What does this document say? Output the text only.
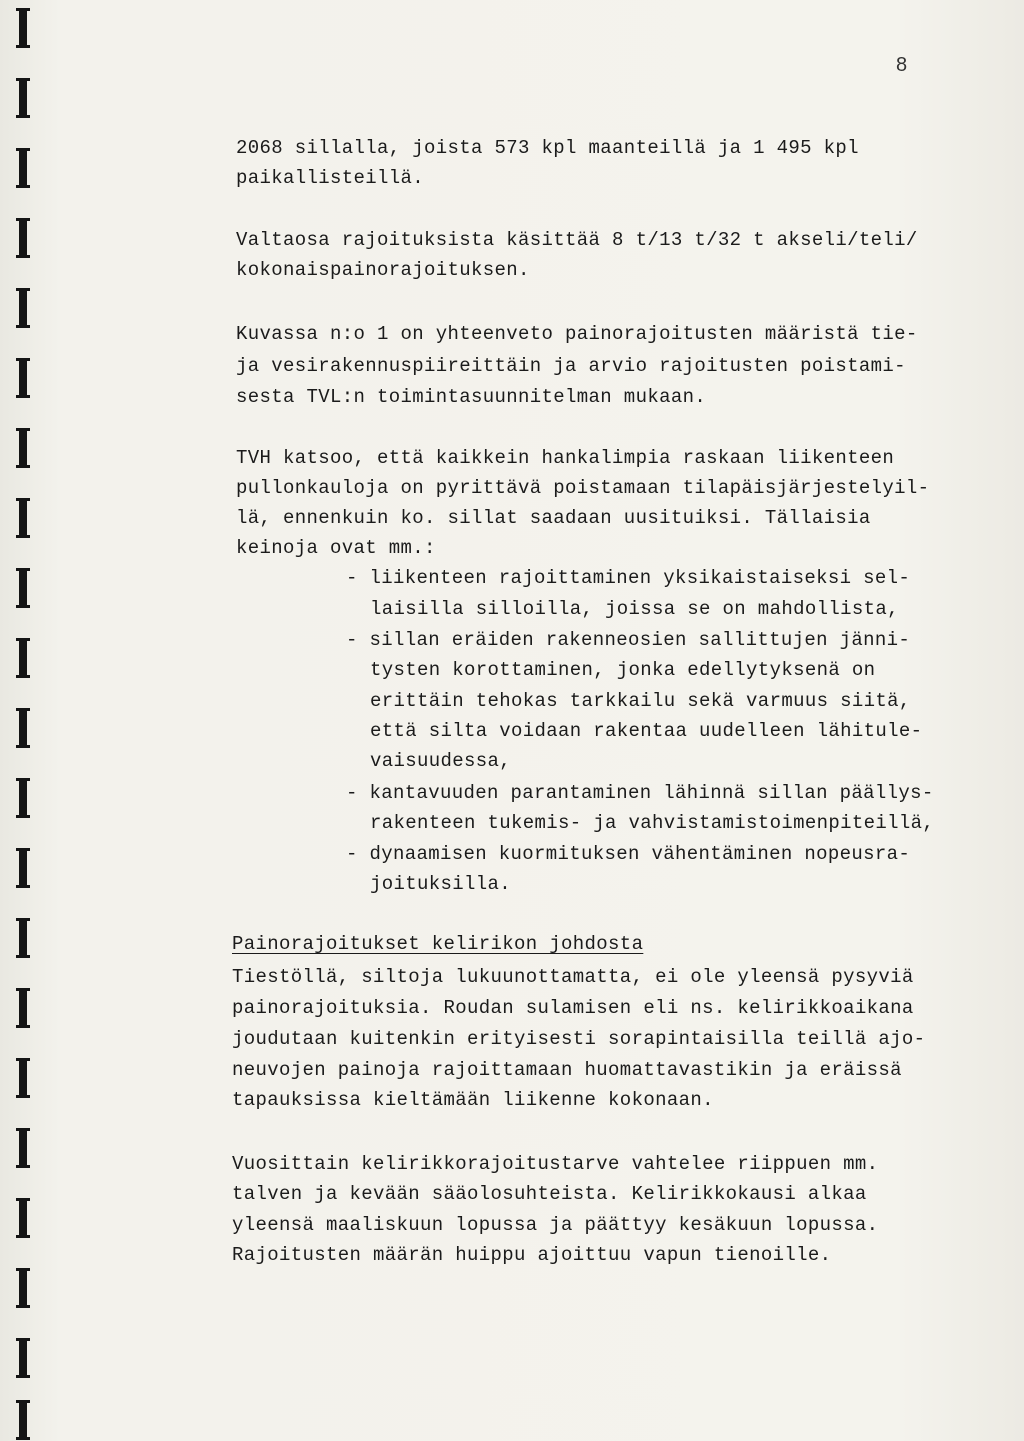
8
2068 sillalla, joista 573 kpl maanteillä ja 1 495 kpl
paikallisteillä.
Valtaosa rajoituksista käsittää 8 t/13 t/32 t akseli/teli/
kokonaispainorajoituksen.
Kuvassa n:o 1 on yhteenveto painorajoitusten määristä tie-
ja vesirakennuspiireittäin ja arvio rajoitusten poistami-
sesta TVL:n toimintasuunnitelman mukaan.
TVH katsoo, että kaikkein hankalimpia raskaan liikenteen
pullonkauloja on pyrittävä poistamaan tilapäisjärjestelyil-
lä, ennenkuin ko. sillat saadaan uusituiksi. Tällaisia
keinoja ovat mm.:
- liikenteen rajoittaminen yksikaistaiseksi sel-
laisilla silloilla, joissa se on mahdollista,
- sillan eräiden rakenneosien sallittujen jänni-
tysten korottaminen, jonka edellytyksenä on
erittäin tehokas tarkkailu sekä varmuus siitä,
että silta voidaan rakentaa uudelleen lähitule-
vaisuudessa,
- kantavuuden parantaminen lähinnä sillan päällys-
rakenteen tukemis- ja vahvistamistoimenpiteillä,
- dynaamisen kuormituksen vähentäminen nopeusra-
joituksilla.
Painorajoitukset kelirikon johdosta
Tiestöllä, siltoja lukuunottamatta, ei ole yleensä pysyviä
painorajoituksia. Roudan sulamisen eli ns. kelirikkoaikana
joudutaan kuitenkin erityisesti sorapintaisilla teillä ajo-
neuvojen painoja rajoittamaan huomattavastikin ja eräissä
tapauksissa kieltämään liikenne kokonaan.
Vuosittain kelirikkorajoitustarve vahtelee riippuen mm.
talven ja kevään sääolosuhteista. Kelirikkokausi alkaa
yleensä maaliskuun lopussa ja päättyy kesäkuun lopussa.
Rajoitusten määrän huippu ajoittuu vapun tienoille.
